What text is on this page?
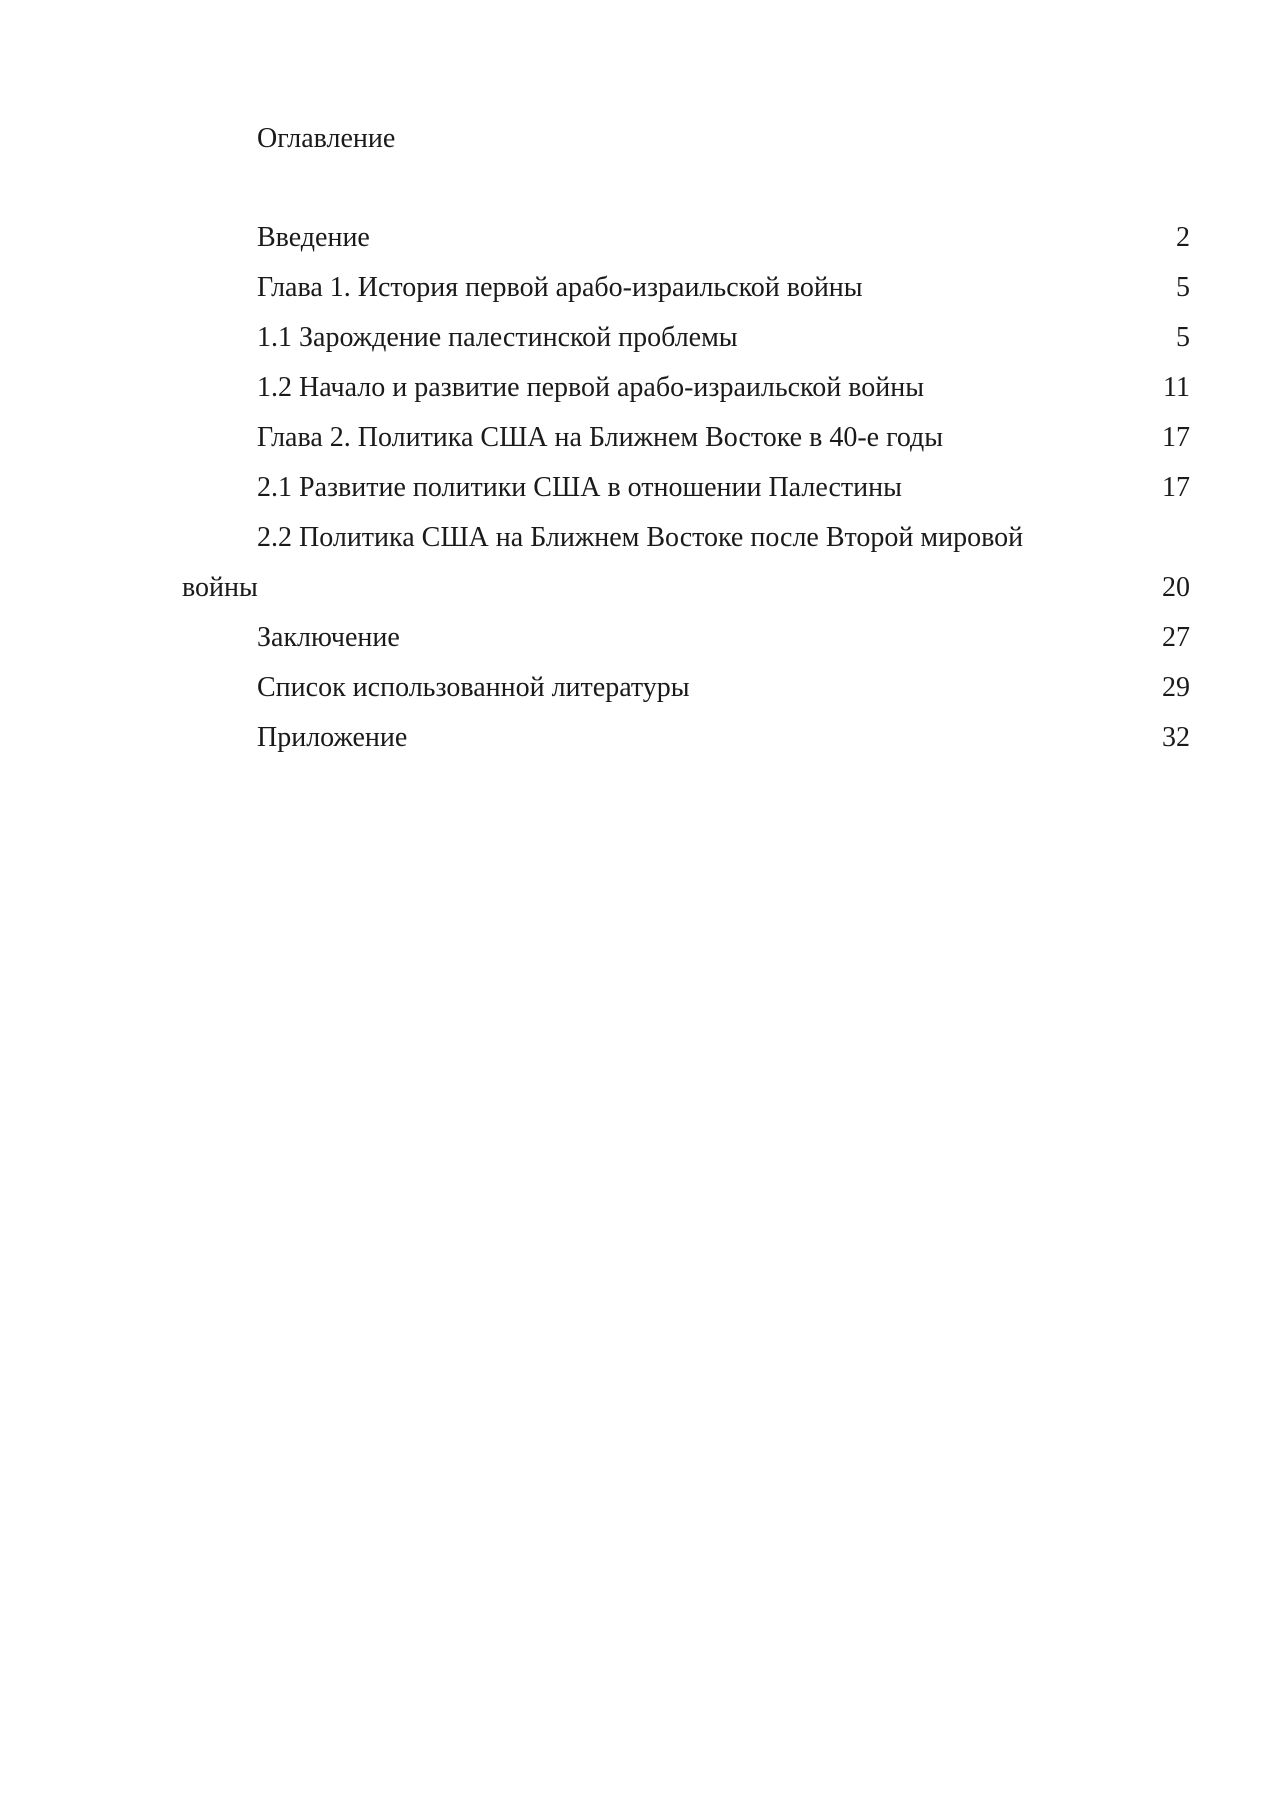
Оглавление
Введение	2
Глава 1. История первой арабо-израильской войны	5
1.1 Зарождение палестинской проблемы	5
1.2 Начало и развитие первой арабо-израильской войны	11
Глава 2. Политика США на Ближнем Востоке в 40-е годы	17
2.1 Развитие политики США в отношении Палестины	17
2.2 Политика США на Ближнем Востоке после Второй мировой
войны	20
Заключение	27
Список использованной литературы	29
Приложение	32
